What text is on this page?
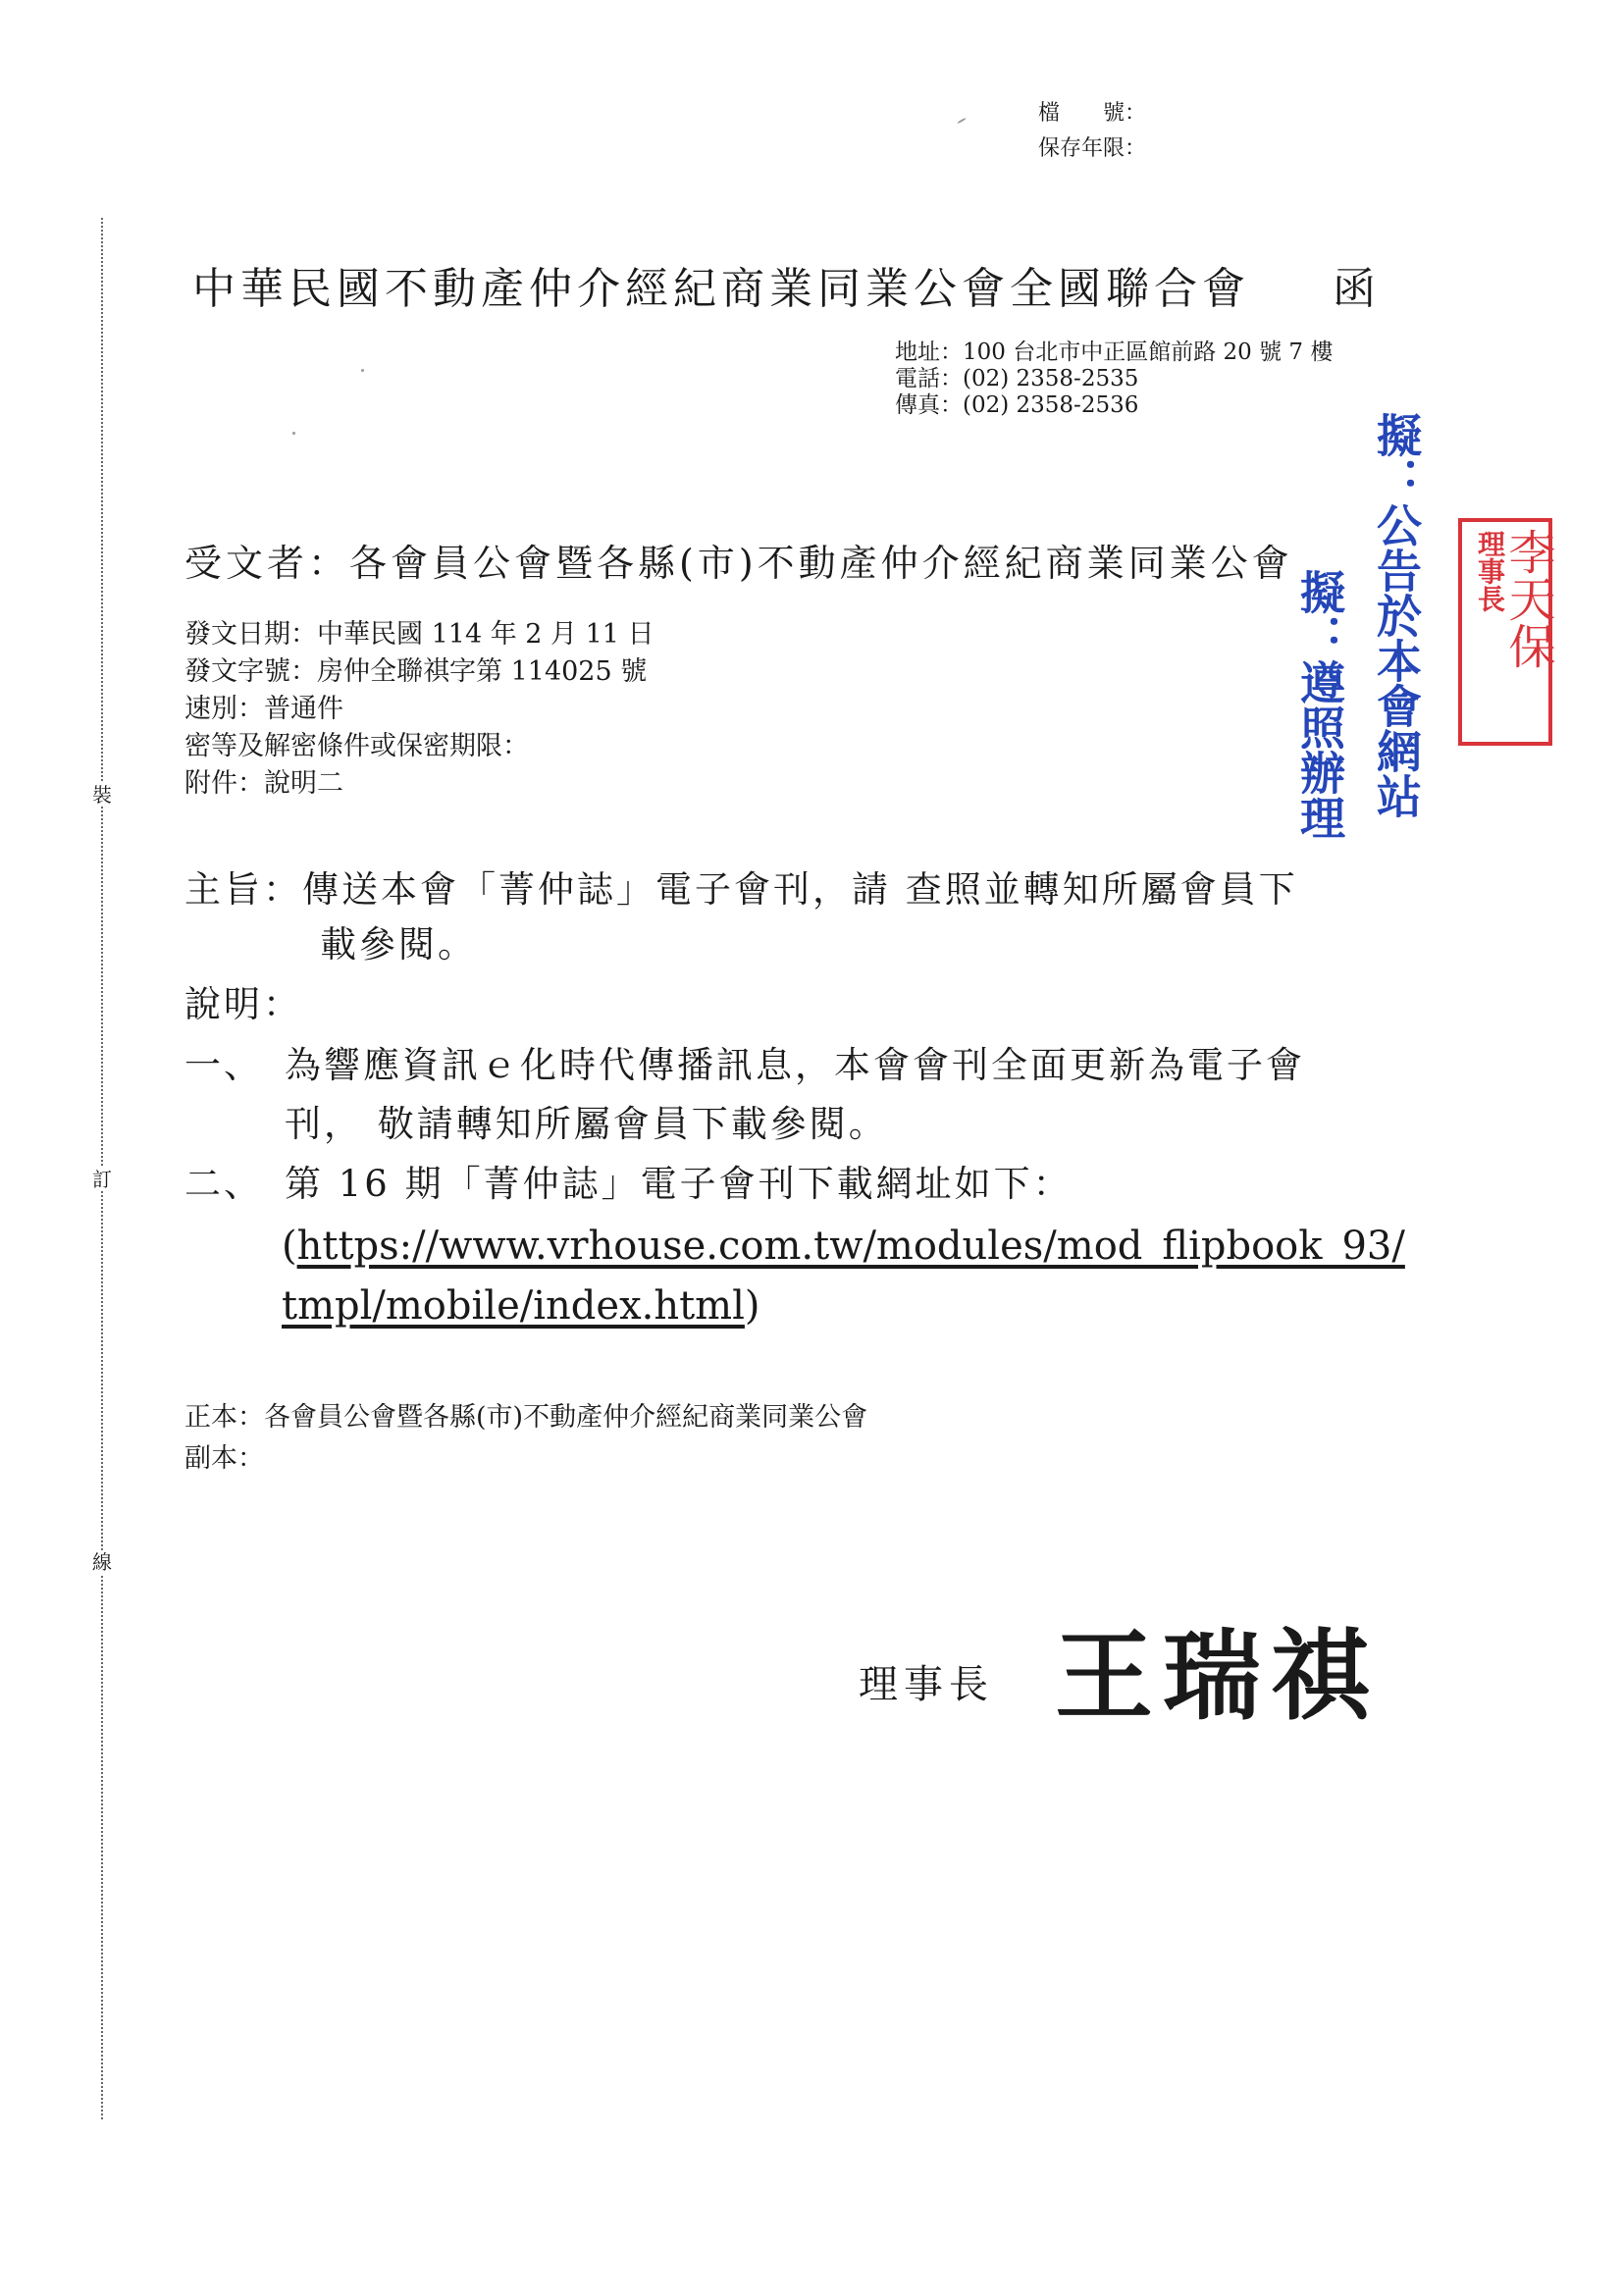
檔　　號：
保存年限：
裝
訂
線
中華民國不動產仲介經紀商業同業公會全國聯合會 函
地址：100 台北市中正區館前路 20 號 7 樓
電話：(02) 2358-2535
傳真：(02) 2358-2536
受文者：各會員公會暨各縣(市)不動產仲介經紀商業同業公會
發文日期：中華民國 114 年 2 月 11 日
發文字號：房仲全聯祺字第 114025 號
速別：普通件
密等及解密條件或保密期限：
附件：說明二
主旨：傳送本會「菁仲誌」電子會刊，請 查照並轉知所屬會員下
載參閱。
說明：
一、 為響應資訊ｅ化時代傳播訊息，本會會刊全面更新為電子會
刊， 敬請轉知所屬會員下載參閱。
二、 第 16 期「菁仲誌」電子會刊下載網址如下：
(https://www.vrhouse.com.tw/modules/mod_flipbook_93/
tmpl/mobile/index.html)
正本：各會員公會暨各縣(市)不動產仲介經紀商業同業公會
副本：
理事長 王瑞祺
擬：公告於本會網站
擬：遵照辦理	理事長
李天保
